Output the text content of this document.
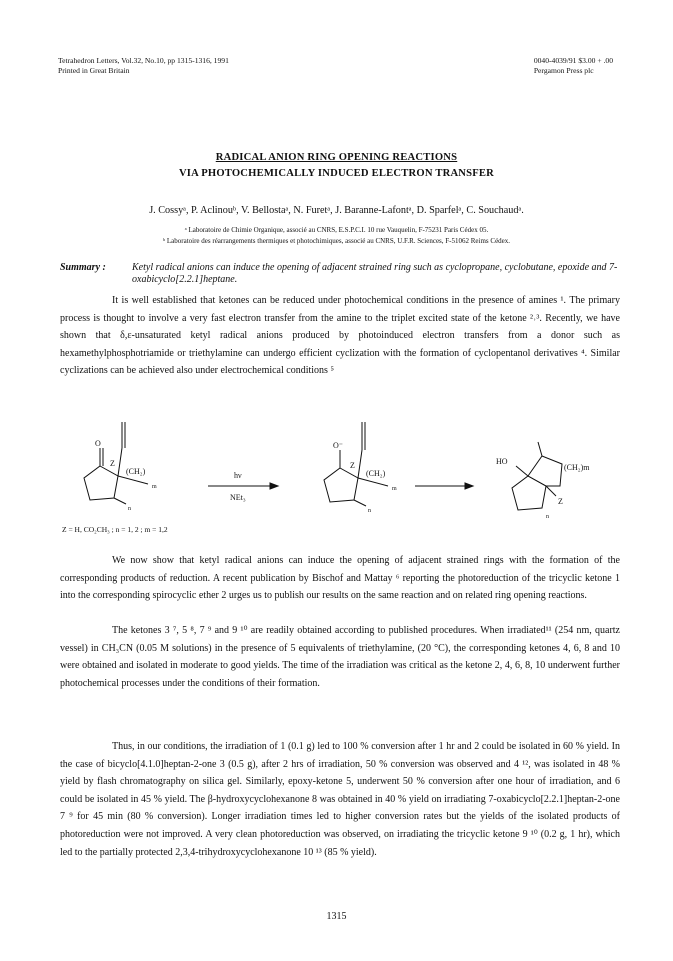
Tetrahedron Letters, Vol.32, No.10, pp 1315-1316, 1991
Printed in Great Britain
0040-4039/91 $3.00 + .00
Pergamon Press plc
RADICAL ANION RING OPENING REACTIONS
VIA PHOTOCHEMICALLY INDUCED ELECTRON TRANSFER
J. Cossyᵃ, P. Aclinouᵇ, V. Bellostaᵃ, N. Furetᵃ, J. Baranne-Lafontᵃ, D. Sparfelᵃ, C. Souchaudᵃ.
ᵃ Laboratoire de Chimie Organique, associé au CNRS, E.S.P.C.I. 10 rue Vauquelin, F-75231 Paris Cédex 05.
ᵇ Laboratoire des réarrangements thermiques et photochimiques, associé au CNRS, U.F.R. Sciences, F-51062 Reims Cédex.
Summary :	Ketyl radical anions can induce the opening of adjacent strained ring such as cyclopropane, cyclobutane, epoxide and 7-oxabicyclo[2.2.1]heptane.

It is well established that ketones can be reduced under photochemical conditions in the presence of amines ¹. The primary process is thought to involve a very fast electron transfer from the amine to the triplet excited state of the ketone ²˒³. Recently, we have shown that δ,ε-unsaturated ketyl radical anions produced by photoinduced electron transfers from a donor such as hexamethylphosphotriamide or triethylamine can undergo efficient cyclization with the formation of cyclopentanol derivatives ⁴. Similar cyclizations can be achieved also under electrochemical conditions ⁵

O
Z
(CH₂)
m
n
hν
NEt₃
O⁻
Z
(CH₂)
m
n
HO
(CH₂)m
Z
n
Z = H, CO₂CH₃ ; n = 1, 2 ; m = 1,2

We now show that ketyl radical anions can induce the opening of adjacent strained rings with the formation of the corresponding products of reduction. A recent publication by Bischof and Mattay ⁶ reporting the photoreduction of the tricyclic ketone 1 into the corresponding spirocyclic ether 2 urges us to publish our results on the same reaction and on related ring opening reactions.

The ketones 3 ⁷, 5 ⁸, 7 ⁹ and 9 ¹⁰ are readily obtained according to published procedures. When irradiated¹¹ (254 nm, quartz vessel) in CH₃CN (0.05 M solutions) in the presence of 5 equivalents of triethylamine, (20 °C), the corresponding ketones 4, 6, 8 and 10 were obtained and isolated in moderate to good yields. The time of the irradiation was critical as the ketone 2, 4, 6, 8, 10 underwent further photochemical processes under the conditions of their formation.

Thus, in our conditions, the irradiation of 1 (0.1 g) led to 100 % conversion after 1 hr and 2 could be isolated in 60 % yield. In the case of bicyclo[4.1.0]heptan-2-one 3 (0.5 g), after 2 hrs of irradiation, 50 % conversion was observed and 4 ¹², was isolated in 48 % yield by flash chromatography on silica gel. Similarly, epoxy-ketone 5, underwent 50 % conversion after one hour of irradiation, and 6 could be isolated in 45 % yield. The β-hydroxycyclohexanone 8 was obtained in 40 % yield on irradiating 7-oxabicyclo[2.2.1]heptan-2-one 7 ⁹ for 45 min (80 % conversion). Longer irradiation times led to higher conversion rates but the yields of the isolated products of photoreduction were not improved. A very clean photoreduction was observed, on irradiating the tricyclic ketone 9 ¹⁰ (0.2 g, 1 hr), which led to the partially protected 2,3,4-trihydroxycyclohexanone 10 ¹³ (85 % yield).

1315
